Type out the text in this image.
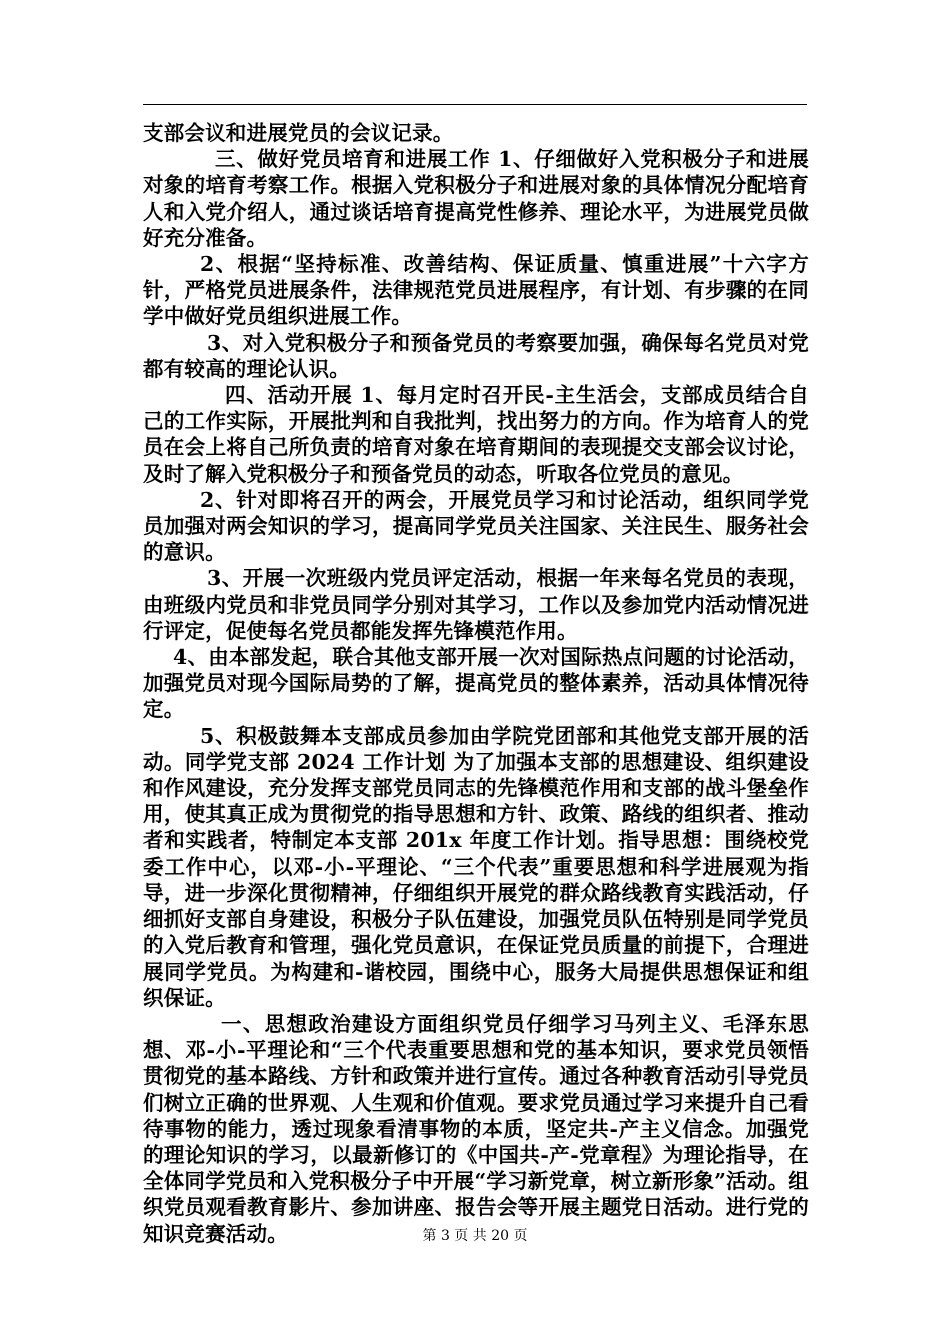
支部会议和进展党员的会议记录。

三、做好党员培育和进展工作 1、仔细做好入党积极分子和进展对象的培育考察工作。根据入党积极分子和进展对象的具体情况分配培育人和入党介绍人，通过谈话培育提高党性修养、理论水平，为进展党员做好充分准备。

2、根据“坚持标准、改善结构、保证质量、慎重进展”十六字方针，严格党员进展条件，法律规范党员进展程序，有计划、有步骤的在同学中做好党员组织进展工作。

3、对入党积极分子和预备党员的考察要加强，确保每名党员对党都有较高的理论认识。

四、活动开展 1、每月定时召开民-主生活会，支部成员结合自己的工作实际，开展批判和自我批判，找出努力的方向。作为培育人的党员在会上将自己所负责的培育对象在培育期间的表现提交支部会议讨论，及时了解入党积极分子和预备党员的动态，听取各位党员的意见。

2、针对即将召开的两会，开展党员学习和讨论活动，组织同学党员加强对两会知识的学习，提高同学党员关注国家、关注民生、服务社会的意识。

3、开展一次班级内党员评定活动，根据一年来每名党员的表现，由班级内党员和非党员同学分别对其学习，工作以及参加党内活动情况进行评定，促使每名党员都能发挥先锋模范作用。

4、由本部发起，联合其他支部开展一次对国际热点问题的讨论活动，加强党员对现今国际局势的了解，提高党员的整体素养，活动具体情况待定。

5、积极鼓舞本支部成员参加由学院党团部和其他党支部开展的活动。同学党支部 2024 工作计划 为了加强本支部的思想建设、组织建设和作风建设，充分发挥支部党员同志的先锋模范作用和支部的战斗堡垒作用，使其真正成为贯彻党的指导思想和方针、政策、路线的组织者、推动者和实践者，特制定本支部 201x 年度工作计划。指导思想：围绕校党委工作中心，以邓-小-平理论、“三个代表”重要思想和科学进展观为指导，进一步深化贯彻精神，仔细组织开展党的群众路线教育实践活动，仔细抓好支部自身建设，积极分子队伍建设，加强党员队伍特别是同学党员的入党后教育和管理，强化党员意识，在保证党员质量的前提下，合理进展同学党员。为构建和-谐校园，围绕中心，服务大局提供思想保证和组织保证。

一、思想政治建设方面组织党员仔细学习马列主义、毛泽东思想、邓-小-平理论和“三个代表重要思想和党的基本知识，要求党员领悟贯彻党的基本路线、方针和政策并进行宣传。通过各种教育活动引导党员们树立正确的世界观、人生观和价值观。要求党员通过学习来提升自己看待事物的能力，透过现象看清事物的本质，坚定共-产主义信念。加强党的理论知识的学习，以最新修订的《中国共-产-党章程》为理论指导，在全体同学党员和入党积极分子中开展“学习新党章，树立新形象”活动。组织党员观看教育影片、参加讲座、报告会等开展主题党日活动。进行党的知识竞赛活动。	第 3 页 共 20 页
